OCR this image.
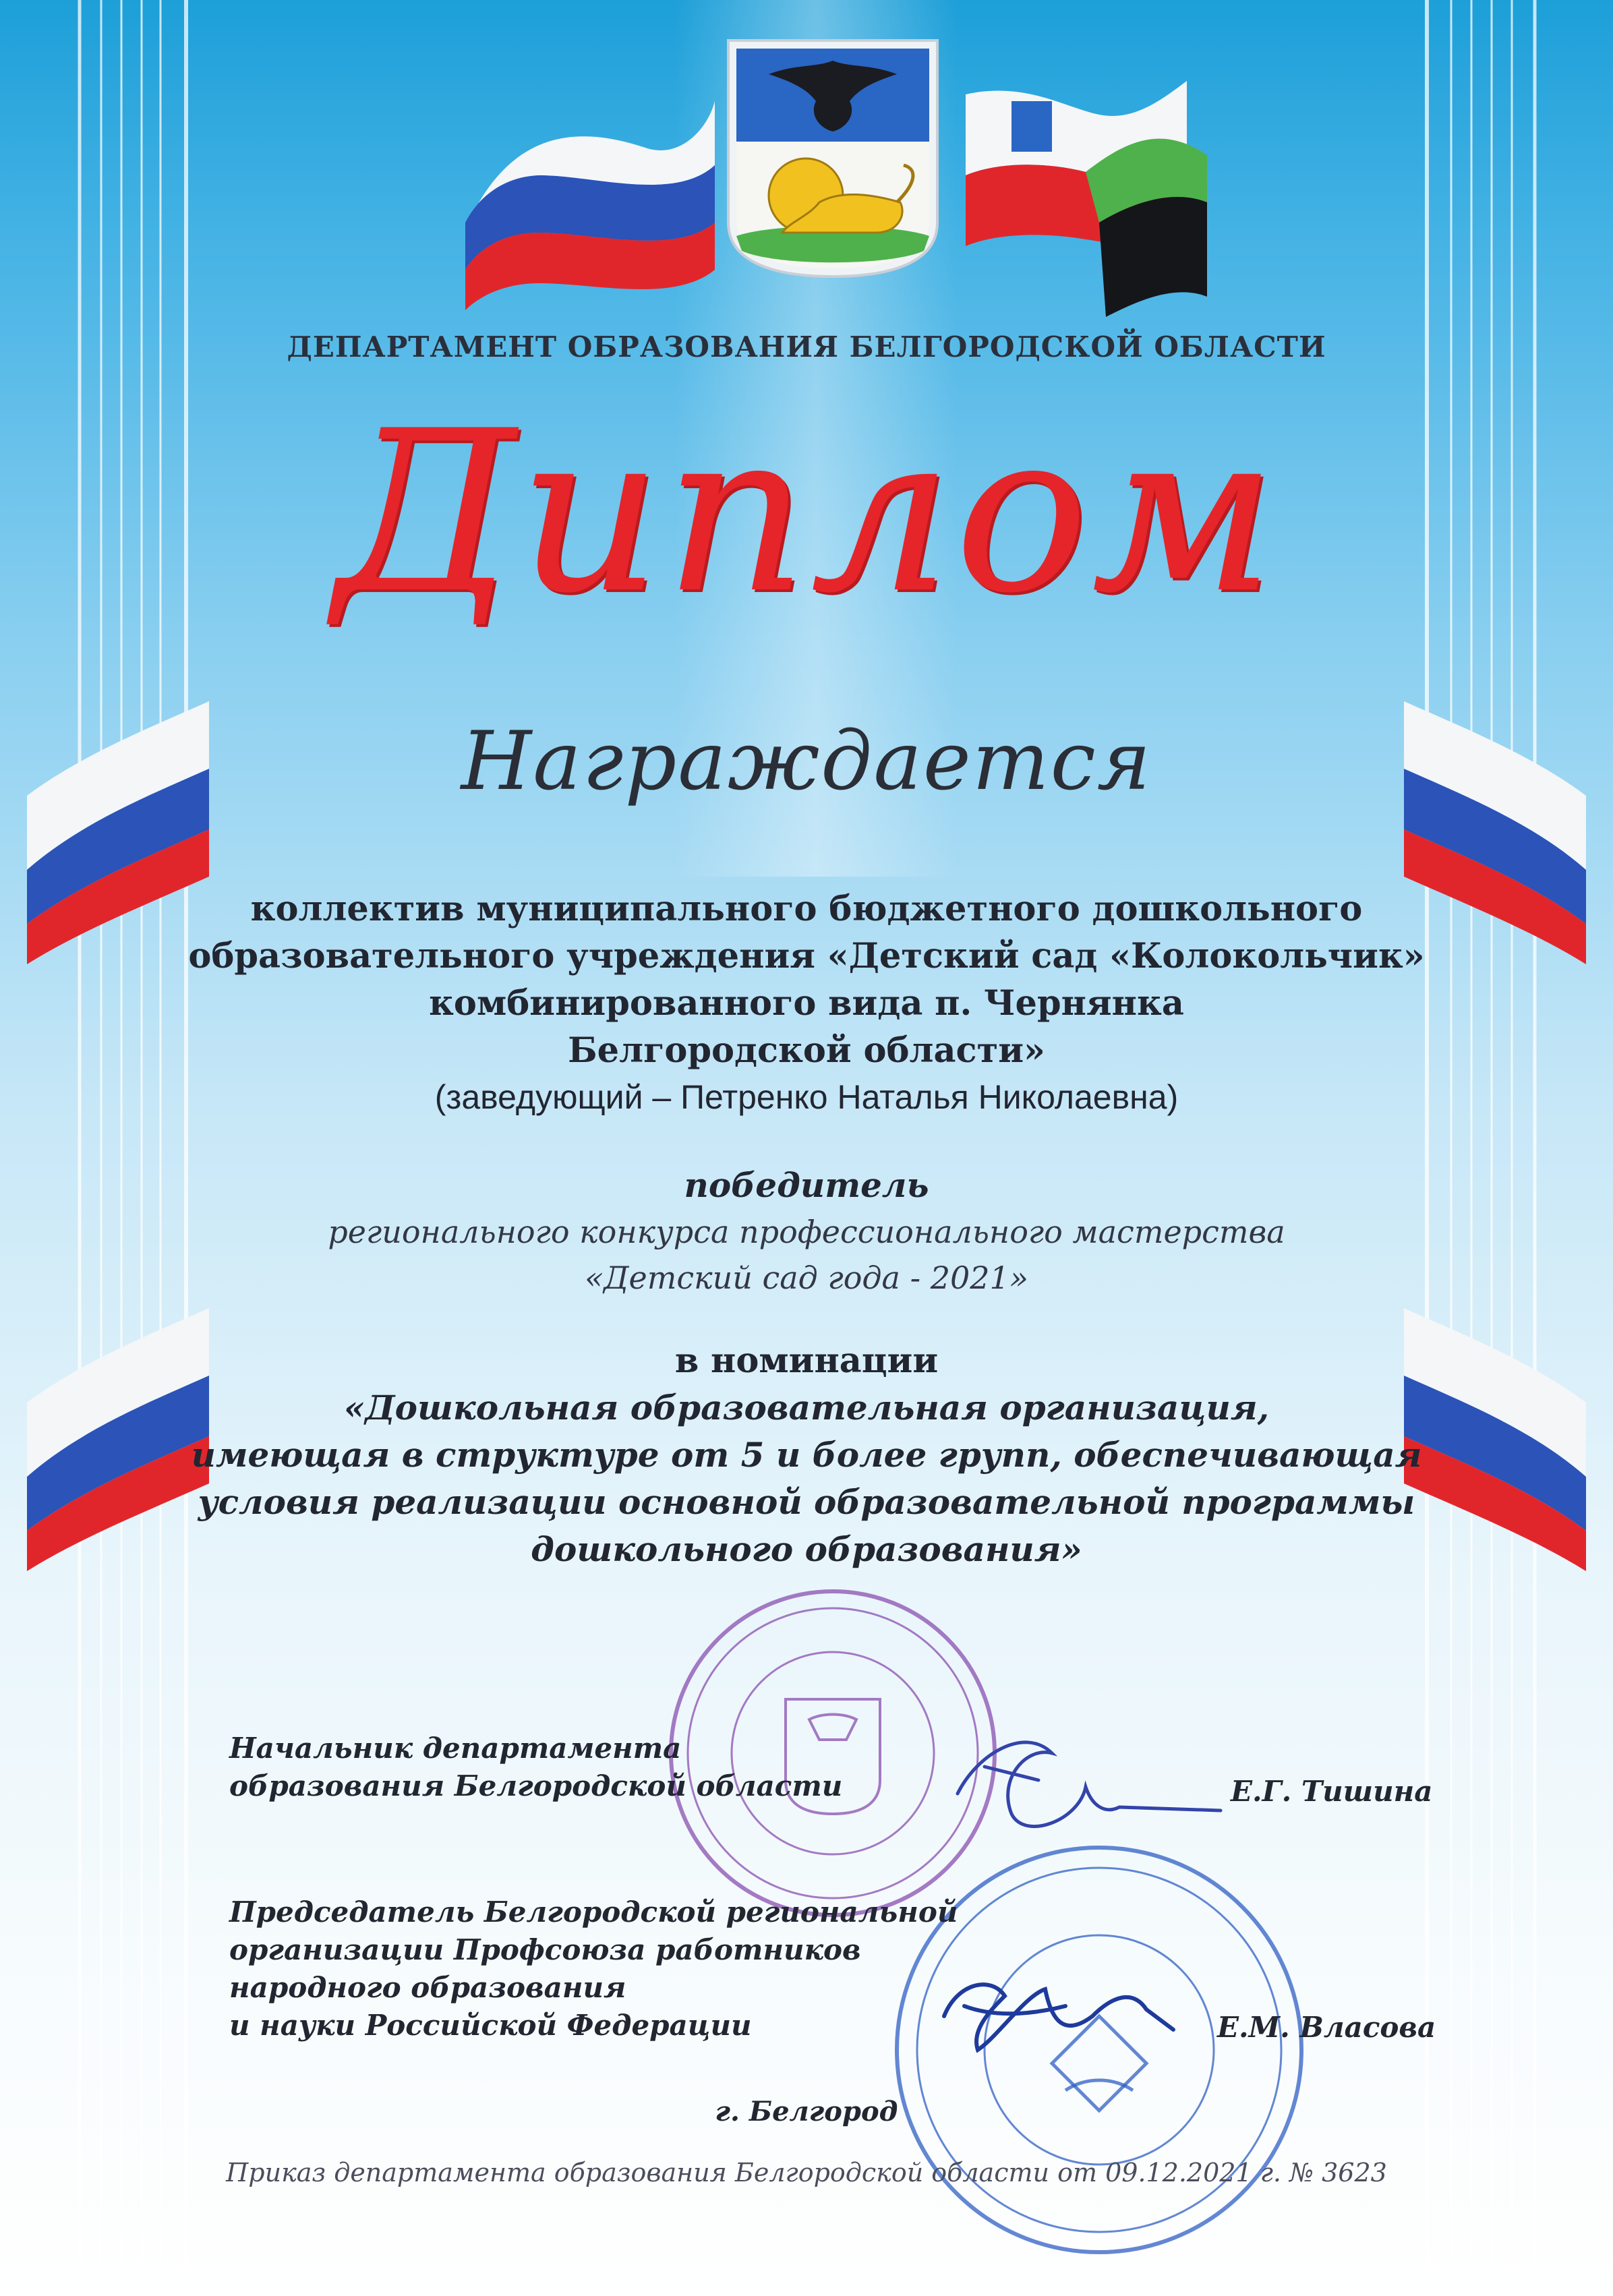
ДЕПАРТАМЕНТ ОБРАЗОВАНИЯ БЕЛГОРОДСКОЙ ОБЛАСТИ
Диплом
Награждается
коллектив муниципального бюджетного дошкольного
образовательного учреждения «Детский сад «Колокольчик»
комбинированного вида п. Чернянка
Белгородской области»
(заведующий – Петренко Наталья Николаевна)
победитель
регионального конкурса профессионального мастерства
«Детский сад года - 2021»
в номинации
«Дошкольная образовательная организация,
имеющая в структуре от 5 и более групп, обеспечивающая
условия реализации основной образовательной программы
дошкольного образования»
Начальник департамента
образования Белгородской области	Е.Г. Тишина
Председатель Белгородской региональной
организации Профсоюза работников
народного образования
и науки Российской Федерации	Е.М. Власова
г. Белгород
Приказ департамента образования Белгородской области от 09.12.2021 г. № 3623
